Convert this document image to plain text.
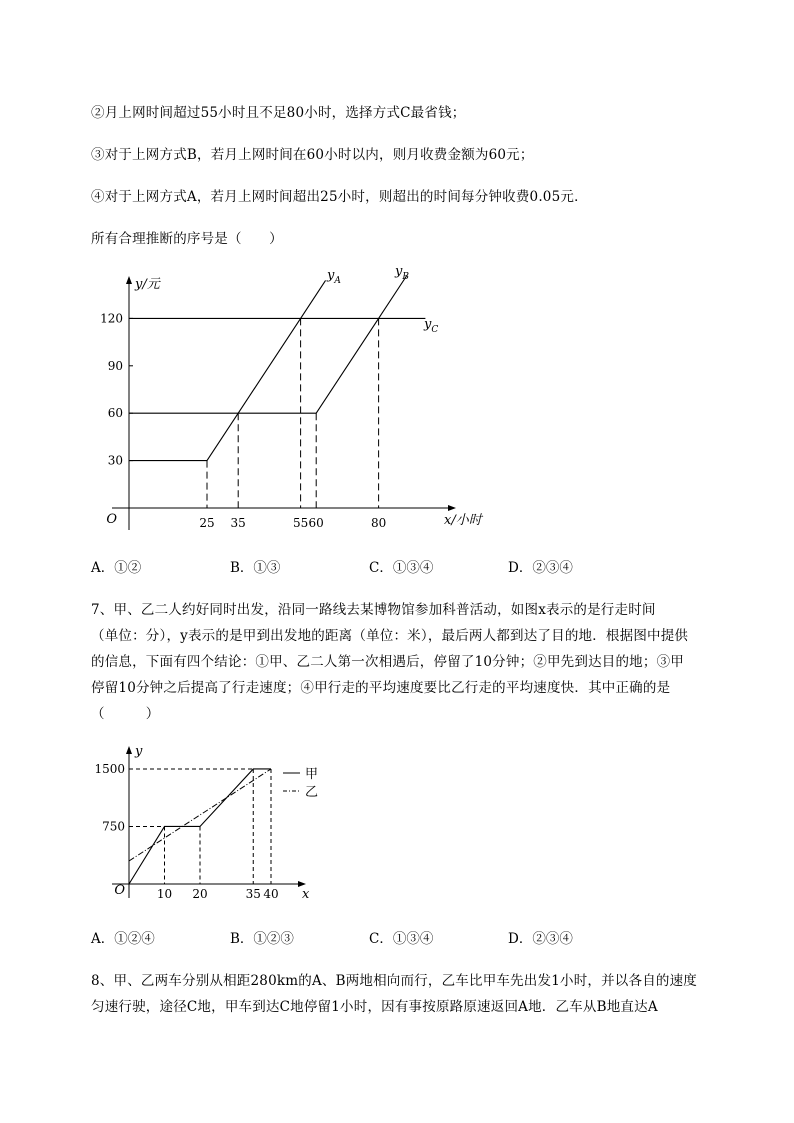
②月上网时间超过55小时且不足80小时，选择方式C最省钱；
③对于上网方式B，若月上网时间在60小时以内，则月收费金额为60元；
④对于上网方式A，若月上网时间超出25小时，则超出的时间每分钟收费0.05元．
所有合理推断的序号是（　　）
30
60
90
120
25 35	55 60	80
O	x/小时
y/元
$y_A$
$y_B$
$y_C$
A．①②	B．①③	C．①③④	D．②③④
7、甲、乙二人约好同时出发，沿同一路线去某博物馆参加科普活动，如图x表示的是行走时间
（单位：分），y表示的是甲到出发地的距离（单位：米），最后两人都到达了目的地．根据图中提供
的信息，下面有四个结论：①甲、乙二人第一次相遇后，停留了10分钟；②甲先到达目的地；③甲
停留10分钟之后提高了行走速度；④甲行走的平均速度要比乙行走的平均速度快．其中正确的是
（　　　）
750
1500
10 20	35 40
O	x
y
甲
乙
A．①②④	B．①②③	C．①③④	D．②③④
8、甲、乙两车分别从相距280km的A、B两地相向而行，乙车比甲车先出发1小时，并以各自的速度
匀速行驶，途径C地，甲车到达C地停留1小时，因有事按原路原速返回A地．乙车从B地直达A
